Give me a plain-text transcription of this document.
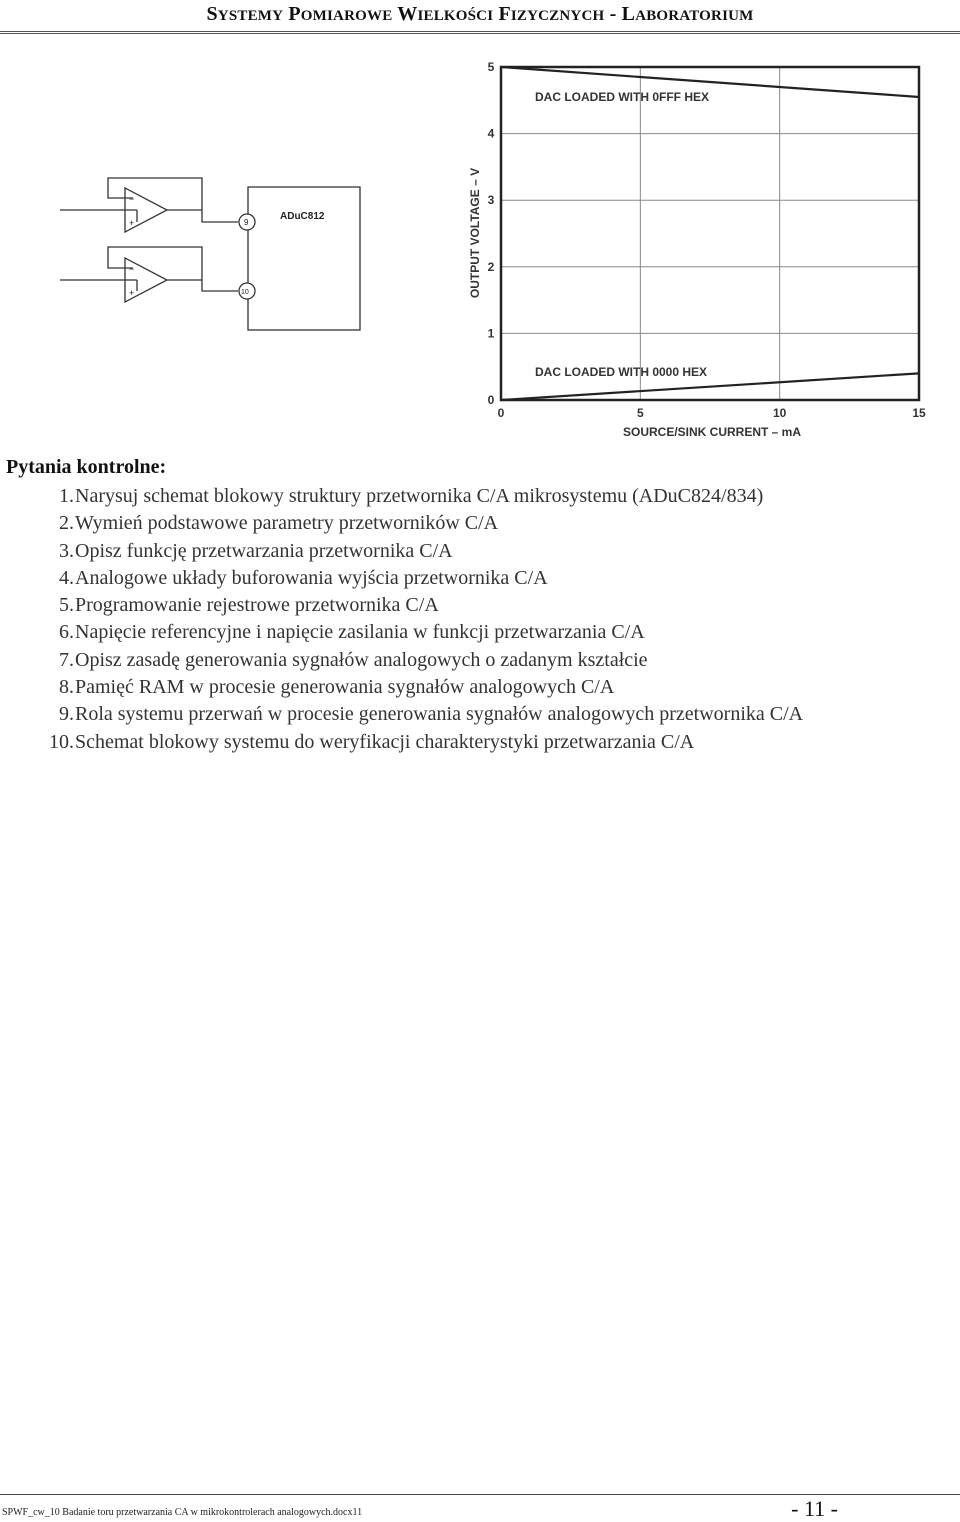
SYSTEMY POMIAROWE WIELKOŚCI FIZYCZNYCH - LABORATORIUM
−
+
−
+
9
10
ADuC812
0	5	10	15
0
1
2
3
4
5
OUTPUT VOLTAGE – V
SOURCE/SINK CURRENT – mA
DAC LOADED WITH 0FFF HEX
DAC LOADED WITH 0000 HEX
Pytania kontrolne:
1.Narysuj schemat blokowy struktury przetwornika C/A mikrosystemu (ADuC824/834)
2.Wymień podstawowe parametry przetworników C/A
3.Opisz funkcję przetwarzania przetwornika C/A
4.Analogowe układy buforowania wyjścia przetwornika C/A
5.Programowanie rejestrowe przetwornika C/A
6.Napięcie referencyjne i napięcie zasilania w funkcji przetwarzania C/A
7.Opisz zasadę generowania sygnałów analogowych o zadanym kształcie
8.Pamięć RAM w procesie generowania sygnałów analogowych C/A
9.Rola systemu przerwań w procesie generowania sygnałów analogowych przetwornika C/A
10.Schemat blokowy systemu do weryfikacji charakterystyki przetwarzania C/A
SPWF_cw_10 Badanie toru przetwarzania CA w mikrokontrolerach analogowych.docx11	- 11 -
